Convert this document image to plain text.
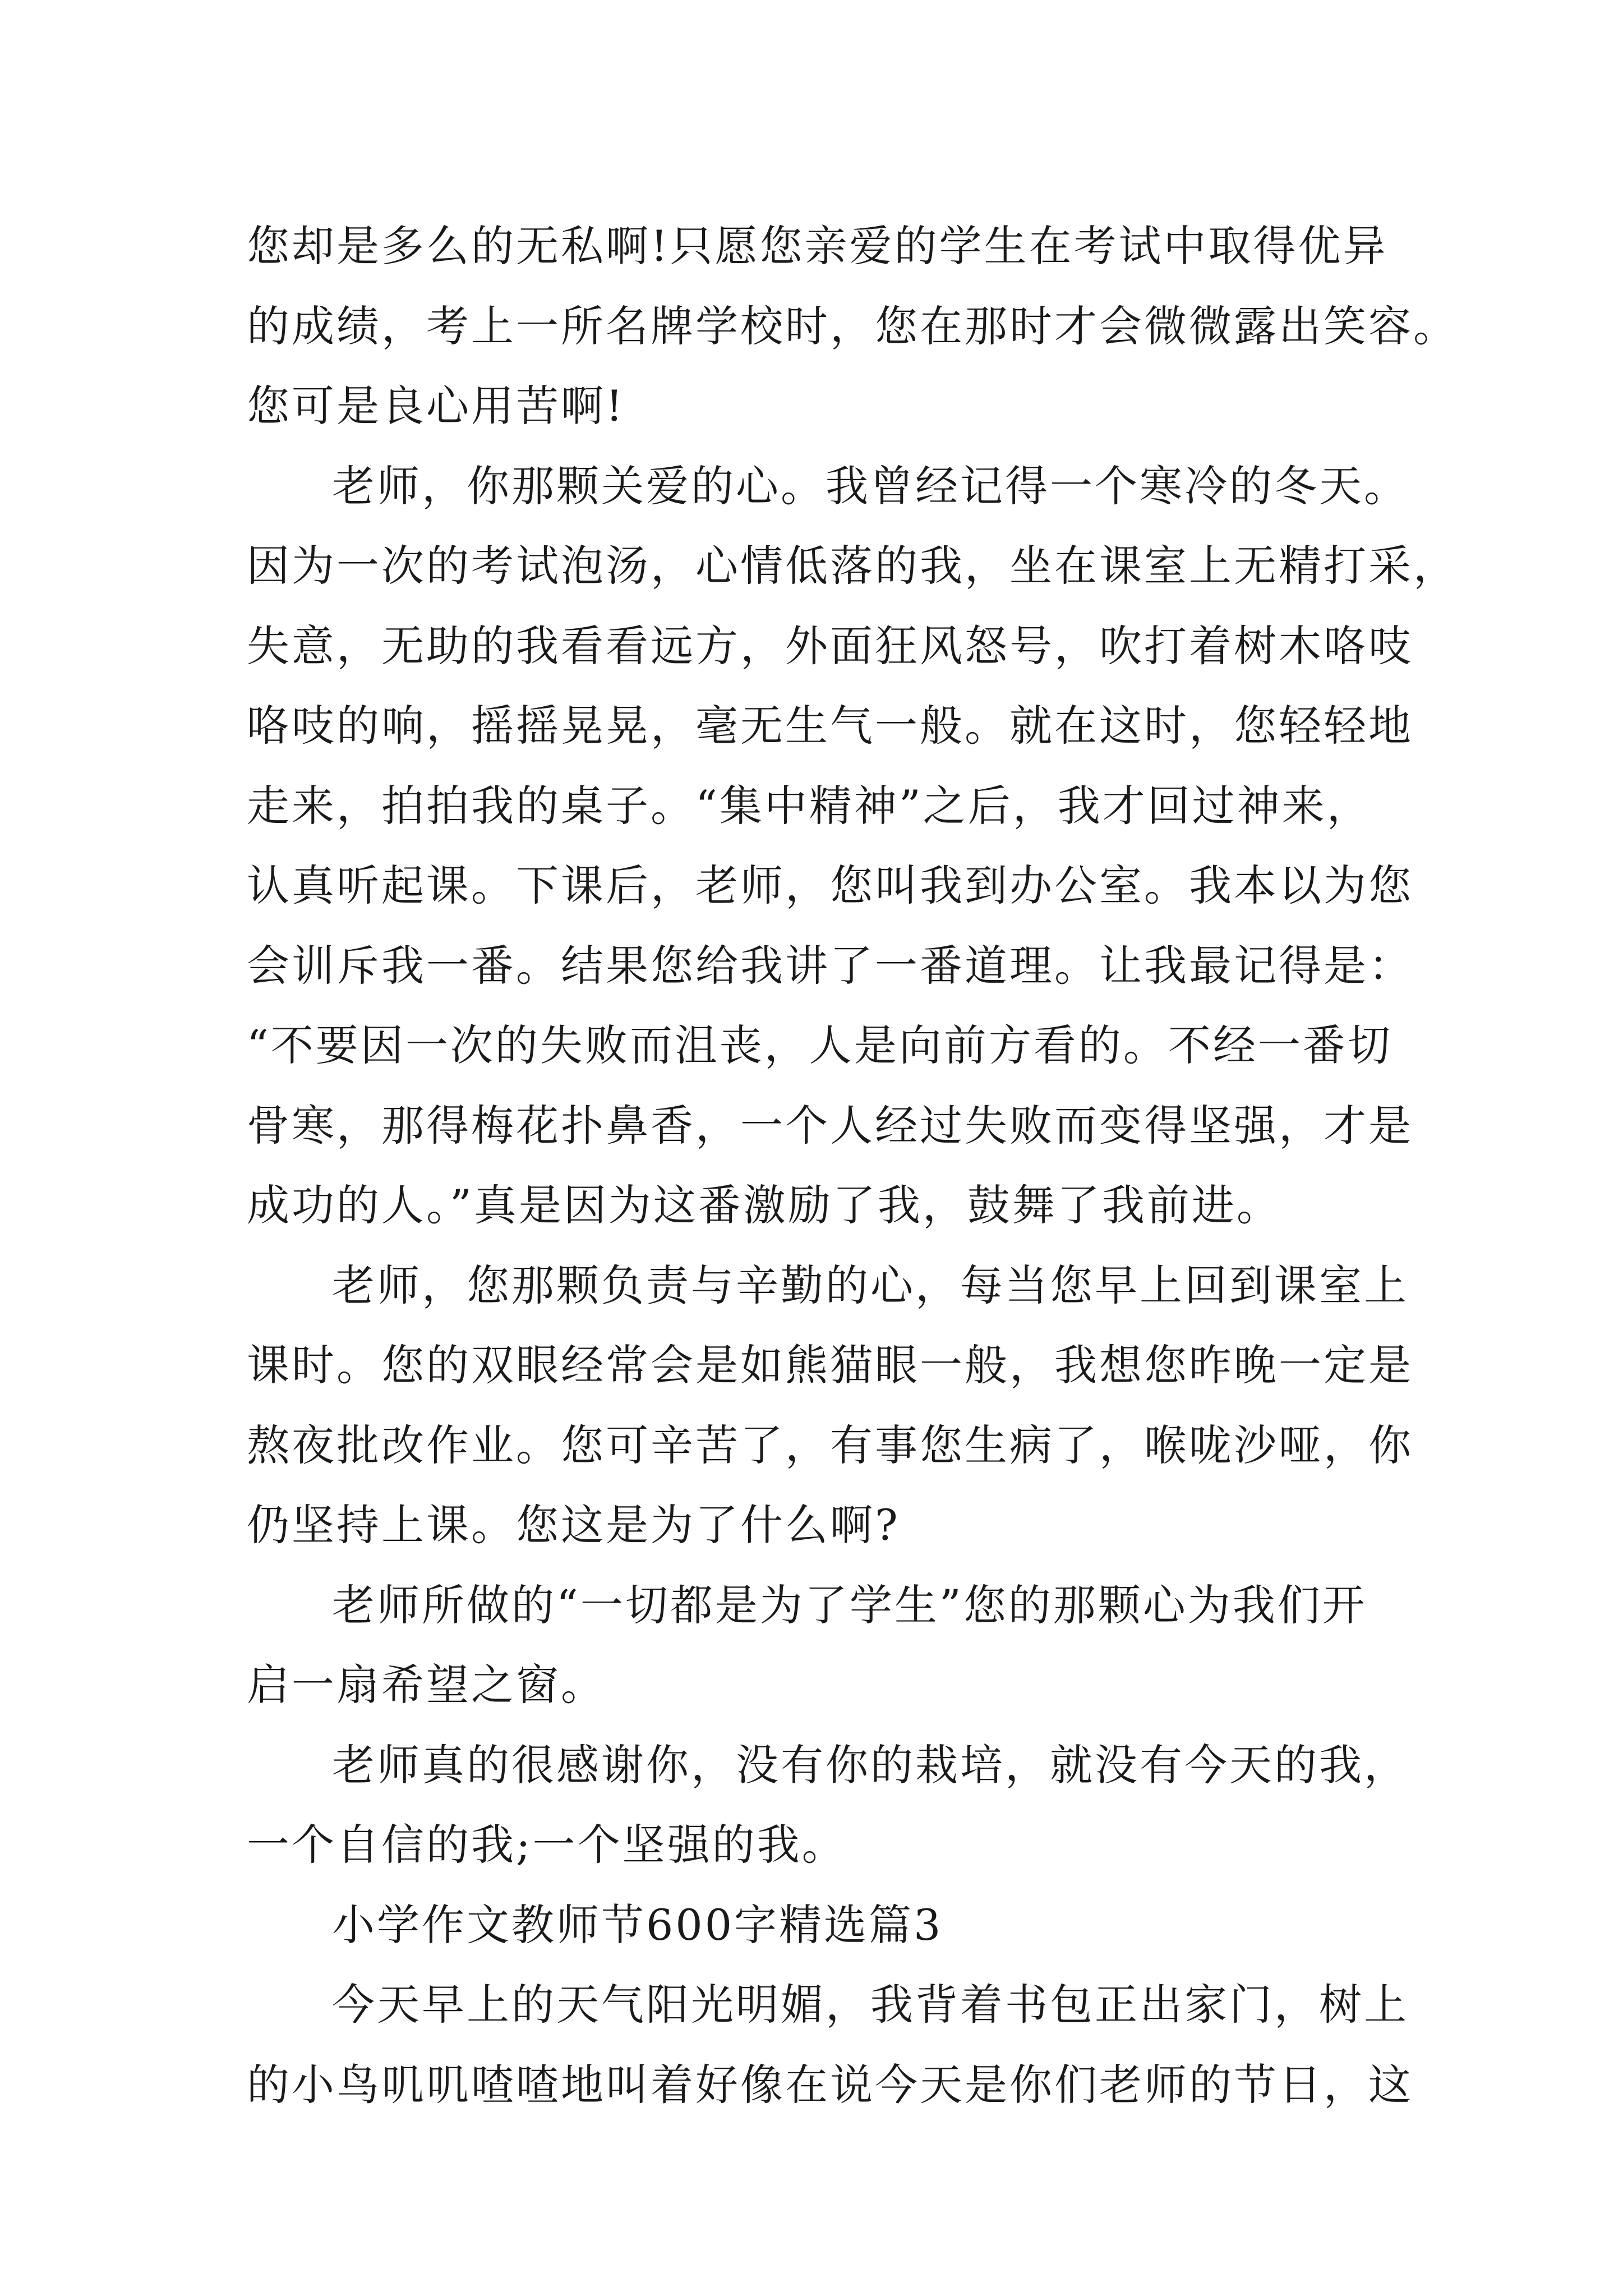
您却是多么的无私啊!只愿您亲爱的学生在考试中取得优异
的成绩，考上一所名牌学校时，您在那时才会微微露出笑容。
您可是良心用苦啊!
老师，你那颗关爱的心。我曾经记得一个寒冷的冬天。
因为一次的考试泡汤，心情低落的我，坐在课室上无精打采，
失意，无助的我看看远方，外面狂风怒号，吹打着树木咯吱
咯吱的响，摇摇晃晃，毫无生气一般。就在这时，您轻轻地
走来，拍拍我的桌子。“集中精神”之后，我才回过神来，
认真听起课。下课后，老师，您叫我到办公室。我本以为您
会训斥我一番。结果您给我讲了一番道理。让我最记得是：
“不要因一次的失败而沮丧，人是向前方看的。不经一番切
骨寒，那得梅花扑鼻香，一个人经过失败而变得坚强，才是
成功的人。”真是因为这番激励了我，鼓舞了我前进。
老师，您那颗负责与辛勤的心，每当您早上回到课室上
课时。您的双眼经常会是如熊猫眼一般，我想您昨晚一定是
熬夜批改作业。您可辛苦了，有事您生病了，喉咙沙哑，你
仍坚持上课。您这是为了什么啊?
老师所做的“一切都是为了学生”您的那颗心为我们开
启一扇希望之窗。
老师真的很感谢你，没有你的栽培，就没有今天的我，
一个自信的我;一个坚强的我。
小学作文教师节600字精选篇3
今天早上的天气阳光明媚，我背着书包正出家门，树上
的小鸟叽叽喳喳地叫着好像在说今天是你们老师的节日，这
